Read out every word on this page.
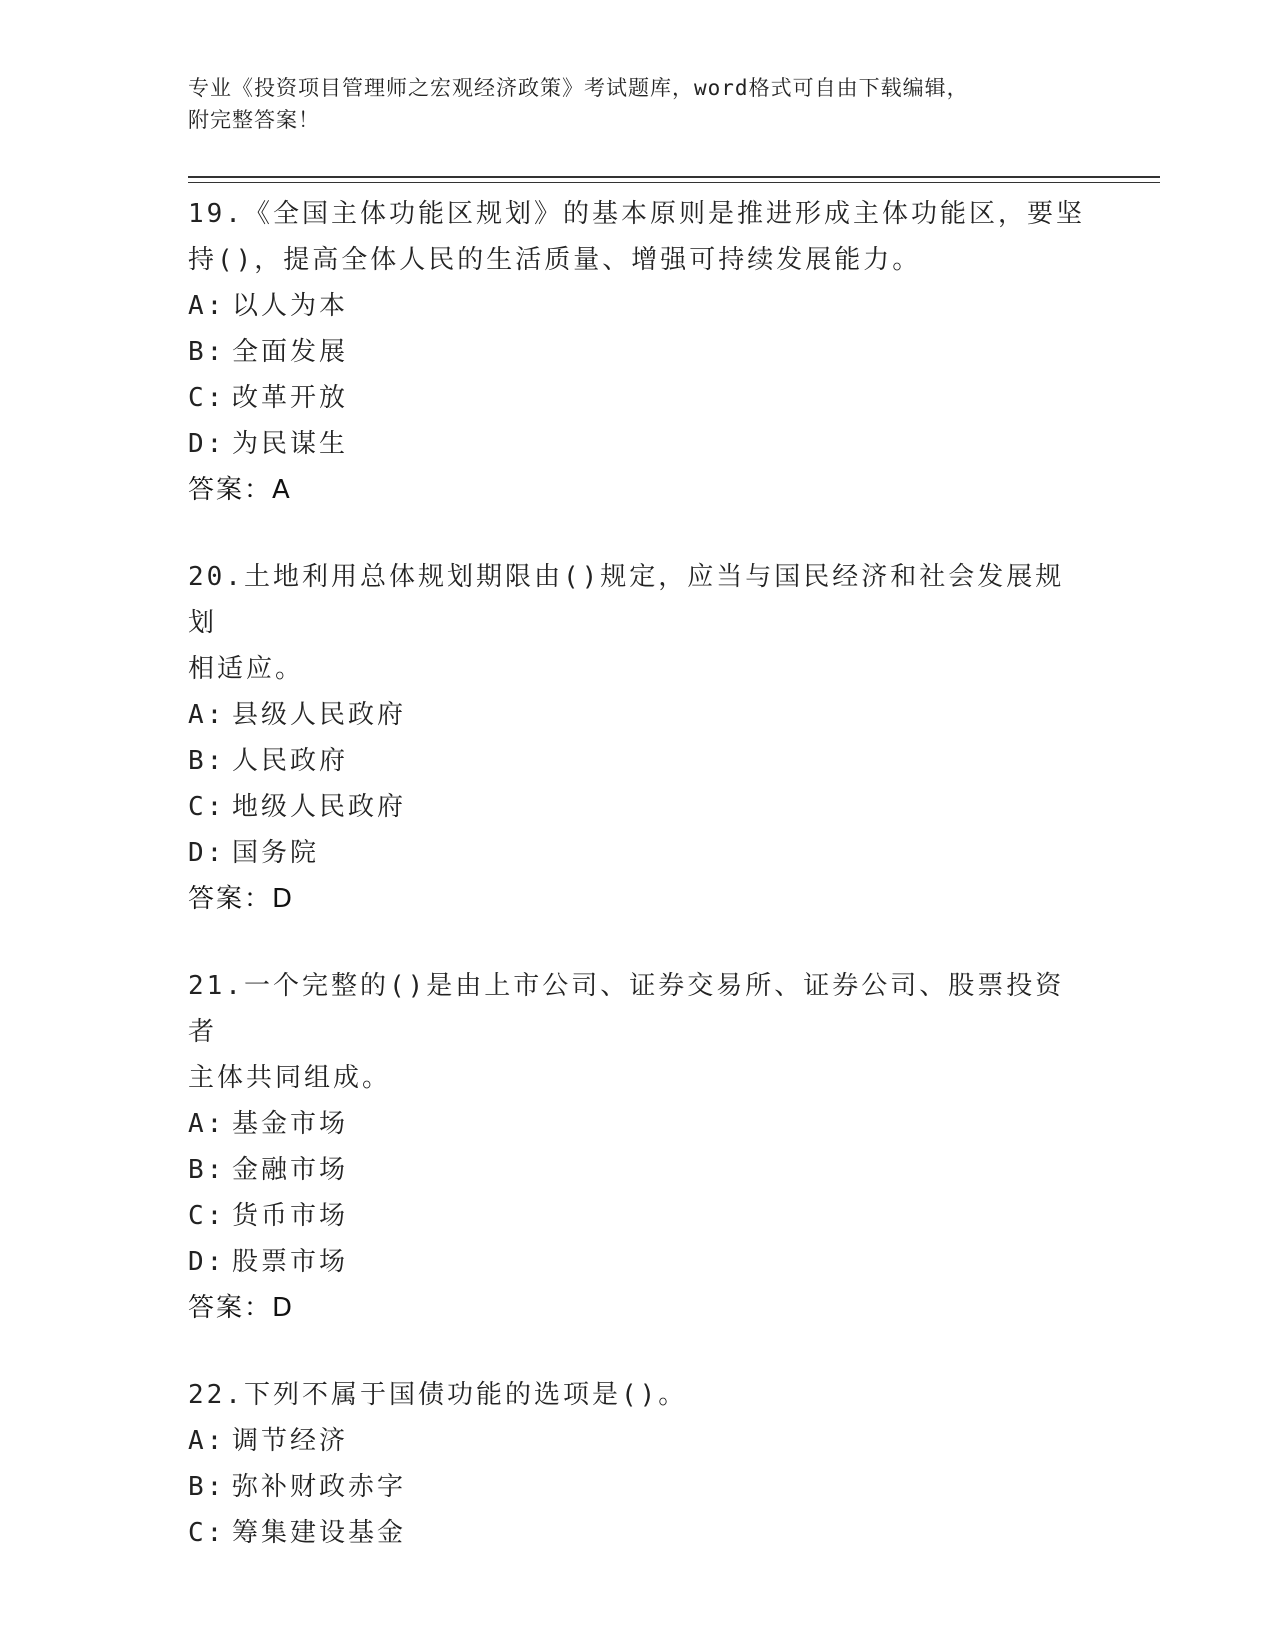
专业《投资项目管理师之宏观经济政策》考试题库，word格式可自由下载编辑，
附完整答案！
19.《全国主体功能区规划》的基本原则是推进形成主体功能区，要坚
持()，提高全体人民的生活质量、增强可持续发展能力。
A: 以人为本
B: 全面发展
C: 改革开放
D: 为民谋生
答案：A
20.土地利用总体规划期限由()规定，应当与国民经济和社会发展规划
相适应。
A: 县级人民政府
B: 人民政府
C: 地级人民政府
D: 国务院
答案：D
21.一个完整的()是由上市公司、证券交易所、证券公司、股票投资者
主体共同组成。
A: 基金市场
B: 金融市场
C: 货币市场
D: 股票市场
答案：D
22.下列不属于国债功能的选项是()。
A: 调节经济
B: 弥补财政赤字
C: 筹集建设基金
